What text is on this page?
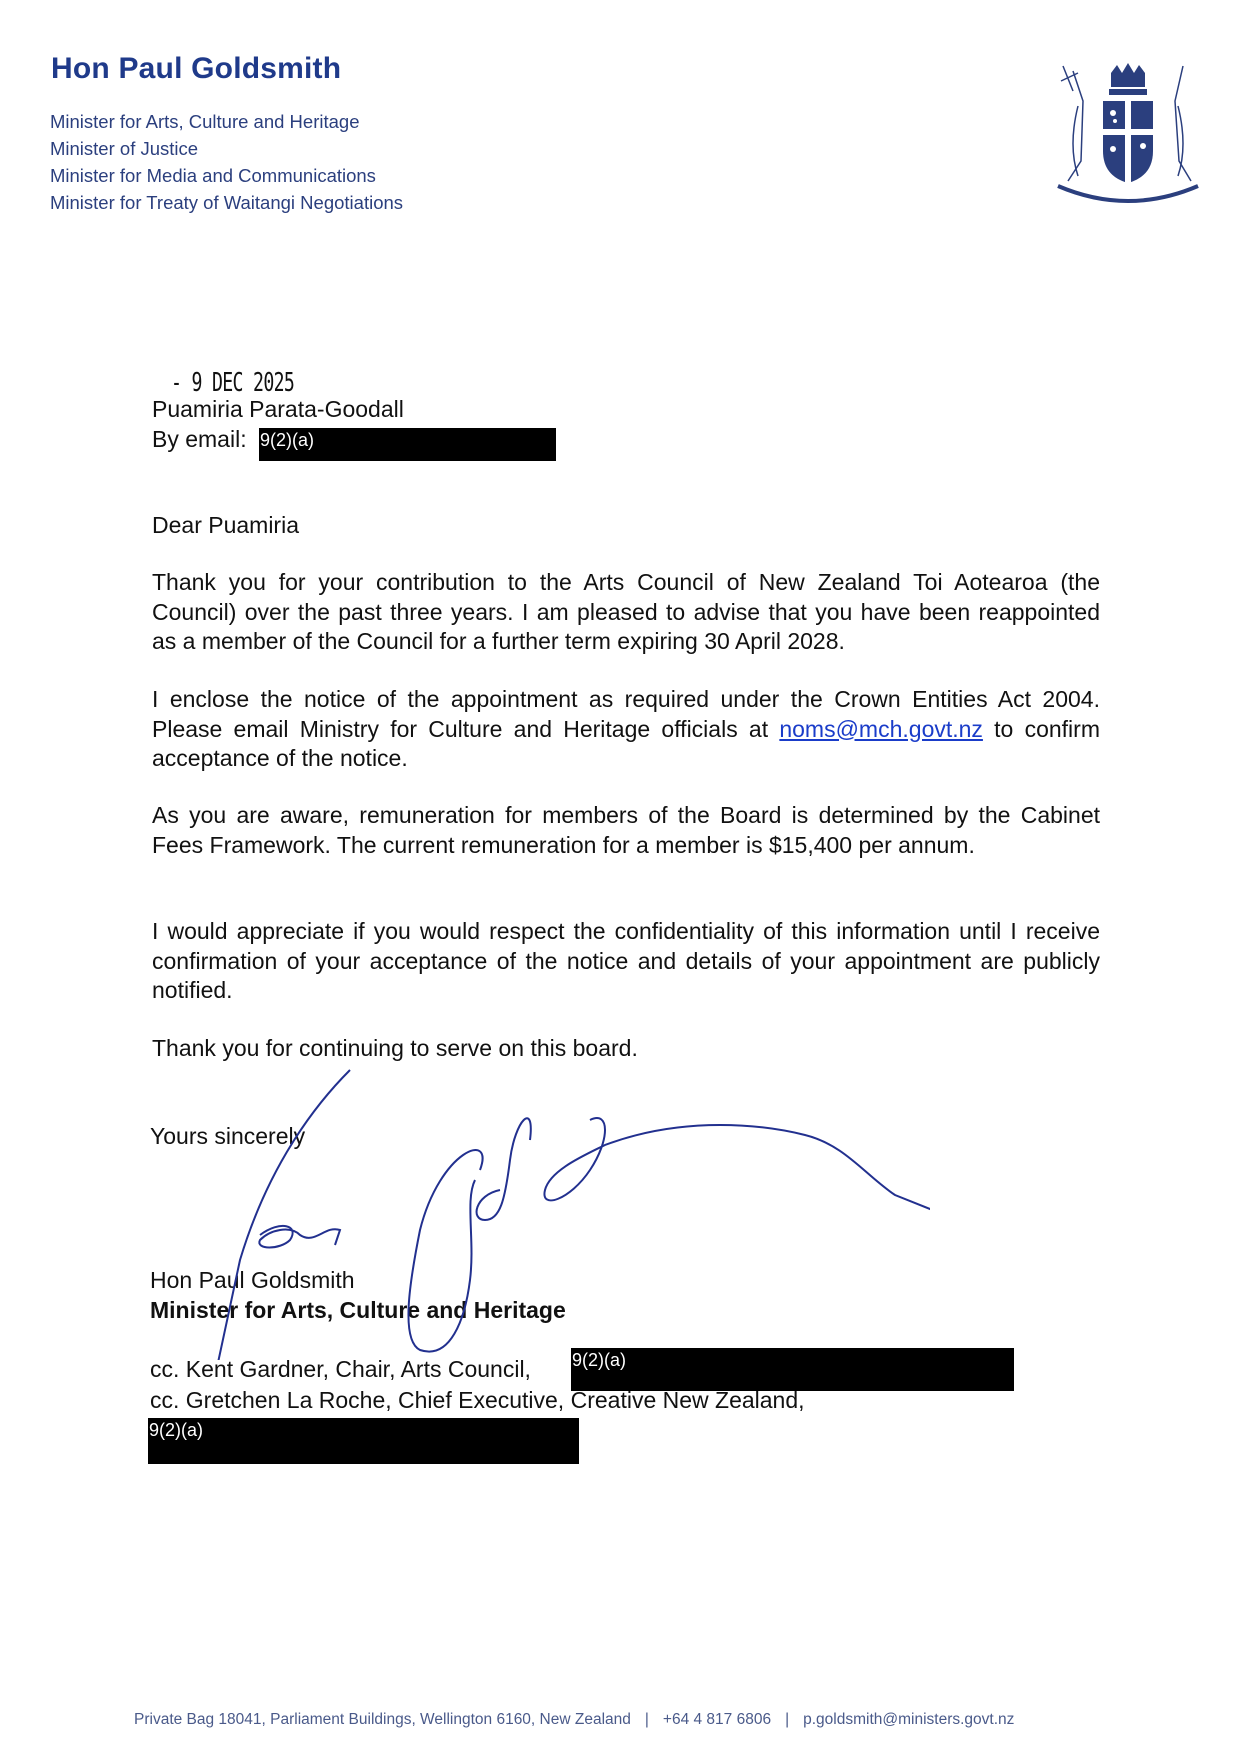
Hon Paul Goldsmith
Minister for Arts, Culture and Heritage
Minister of Justice
Minister for Media and Communications
Minister for Treaty of Waitangi Negotiations
- 9 DEC 2025
Puamiria Parata-Goodall
By email: 9(2)(a)
Dear Puamiria
Thank you for your contribution to the Arts Council of New Zealand Toi Aotearoa (the Council) over the past three years. I am pleased to advise that you have been reappointed as a member of the Council for a further term expiring 30 April 2028.
I enclose the notice of the appointment as required under the Crown Entities Act 2004. Please email Ministry for Culture and Heritage officials at noms@mch.govt.nz to confirm acceptance of the notice.
As you are aware, remuneration for members of the Board is determined by the Cabinet Fees Framework. The current remuneration for a member is $15,400 per annum.
I would appreciate if you would respect the confidentiality of this information until I receive confirmation of your acceptance of the notice and details of your appointment are publicly notified.
Thank you for continuing to serve on this board.
Yours sincerely
Hon Paul Goldsmith
Minister for Arts, Culture and Heritage
cc. Kent Gardner, Chair, Arts Council, 9(2)(a)
cc. Gretchen La Roche, Chief Executive, Creative New Zealand,
9(2)(a)
Private Bag 18041, Parliament Buildings, Wellington 6160, New Zealand | +64 4 817 6806 | p.goldsmith@ministers.govt.nz
